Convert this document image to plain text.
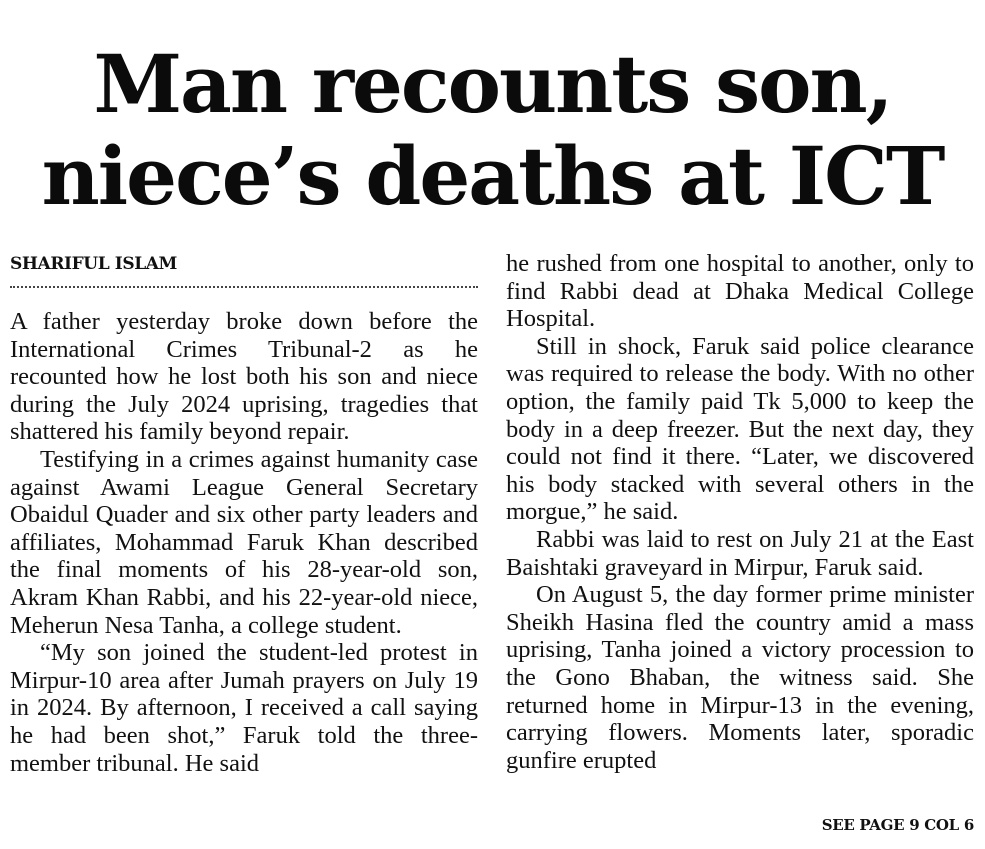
Man recounts son,
niece’s deaths at ICT
SHARIFUL ISLAM

A father yesterday broke down before the International Crimes Tribunal-2 as he recounted how he lost both his son and niece during the July 2024 uprising, tragedies that shattered his family beyond repair.

Testifying in a crimes against humanity case against Awami League General Secretary Obaidul Quader and six other party leaders and affiliates, Mohammad Faruk Khan described the final moments of his 28-year-old son, Akram Khan Rabbi, and his 22-year-old niece, Meherun Nesa Tanha, a college student.

“My son joined the student-led protest in Mirpur-10 area after Jumah prayers on July 19 in 2024. By afternoon, I received a call saying he had been shot,” Faruk told the three-member tribunal. He said

he rushed from one hospital to another, only to find Rabbi dead at Dhaka Medical College Hospital.

Still in shock, Faruk said police clearance was required to release the body. With no other option, the family paid Tk 5,000 to keep the body in a deep freezer. But the next day, they could not find it there. “Later, we discovered his body stacked with several others in the morgue,” he said.

Rabbi was laid to rest on July 21 at the East Baishtaki graveyard in Mirpur, Faruk said.

On August 5, the day former prime minister Sheikh Hasina fled the country amid a mass uprising, Tanha joined a victory procession to the Gono Bhaban, the witness said. She returned home in Mirpur-13 in the evening, carrying flowers. Moments later, sporadic gunfire erupted

SEE PAGE 9 COL 6
